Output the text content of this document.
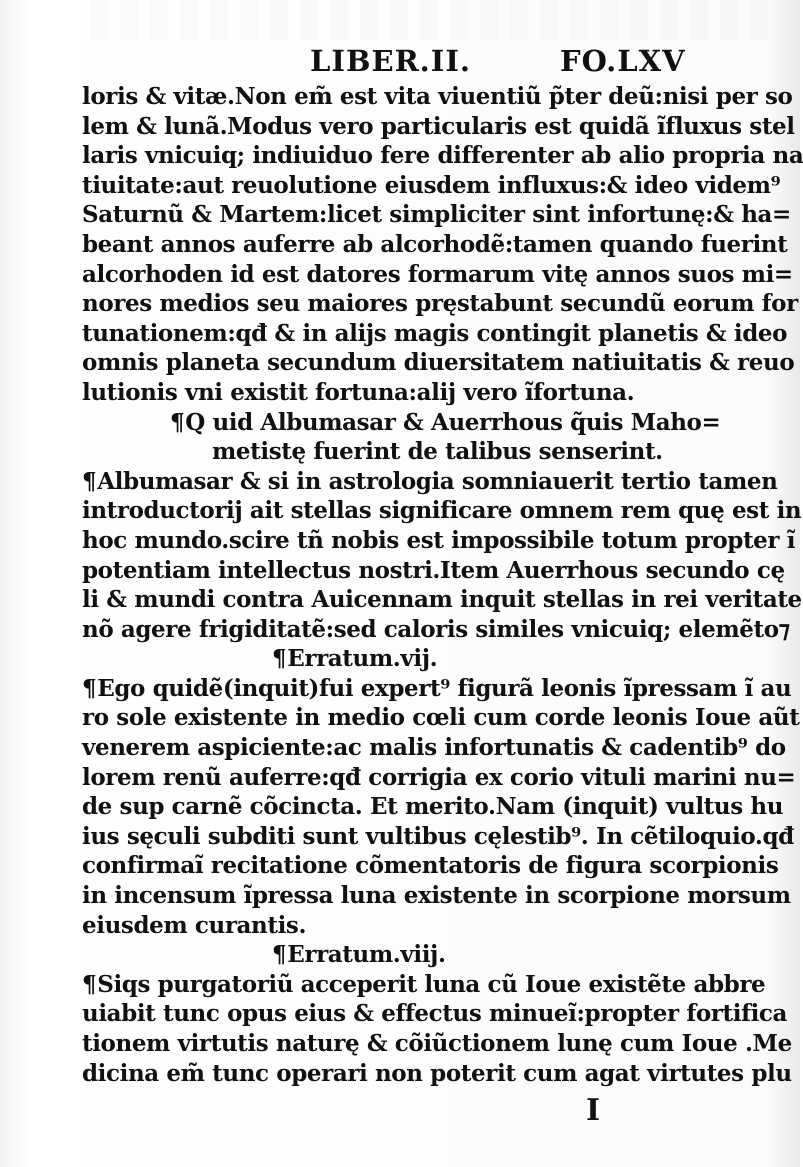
LIBER.II.	FO.LXV
loris & vitæ.Non em̃ est vita viuentiũ p̃ter deũ:nisi per so
lem & lunã.Modus vero particularis est quidã ĩfluxus stel
laris vnicuiq; indiuiduo fere differenter ab alio propria na
tiuitate:aut reuolutione eiusdem influxus:& ideo videm⁹
Saturnũ & Martem:licet simpliciter sint infortunę:& ha=
beant annos auferre ab alcorhodẽ:tamen quando fuerint
alcorhoden id est datores formarum vitę annos suos mi=
nores medios seu maiores pręstabunt secundũ eorum for
tunationem:qđ & in alijs magis contingit planetis & ideo
omnis planeta secundum diuersitatem natiuitatis & reuo
lutionis vni existit fortuna:alij vero ĩfortuna.
¶Q uid Albumasar & Auerrhous q̃uis Maho=
metistę fuerint de talibus senserint.
¶Albumasar & si in astrologia somniauerit tertio tamen
introductorij ait stellas significare omnem rem quę est in
hoc mundo.scire tñ nobis est impossibile totum propter ĩ
potentiam intellectus nostri.Item Auerrhous secundo cę
li & mundi contra Auicennam inquit stellas in rei veritate
nõ agere frigiditatẽ:sed caloris similes vnicuiq; elemẽto⁊
¶Erratum.vij.
¶Ego quidẽ(inquit)fui expert⁹ figurã leonis ĩpressam ĩ au
ro sole existente in medio cœli cum corde leonis Ioue aũt
venerem aspiciente:ac malis infortunatis & cadentib⁹ do
lorem renũ auferre:qđ corrigia ex corio vituli marini nu=
de sup carnẽ cõcincta. Et merito.Nam (inquit) vultus hu
ius sęculi subditi sunt vultibus cęlestib⁹. In cẽtiloquio.qđ
confirmaĩ recitatione cõmentatoris de figura scorpionis
in incensum ĩpressa luna existente in scorpione morsum
eiusdem curantis.
¶Erratum.viij.
¶Siqs purgatoriũ acceperit luna cũ Ioue existẽte abbre
uiabit tunc opus eius & effectus minueĩ:propter fortifica
tionem virtutis naturę & cõiũctionem lunę cum Ioue .Me
dicina em̃ tunc operari non poterit cum agat virtutes plu
I
